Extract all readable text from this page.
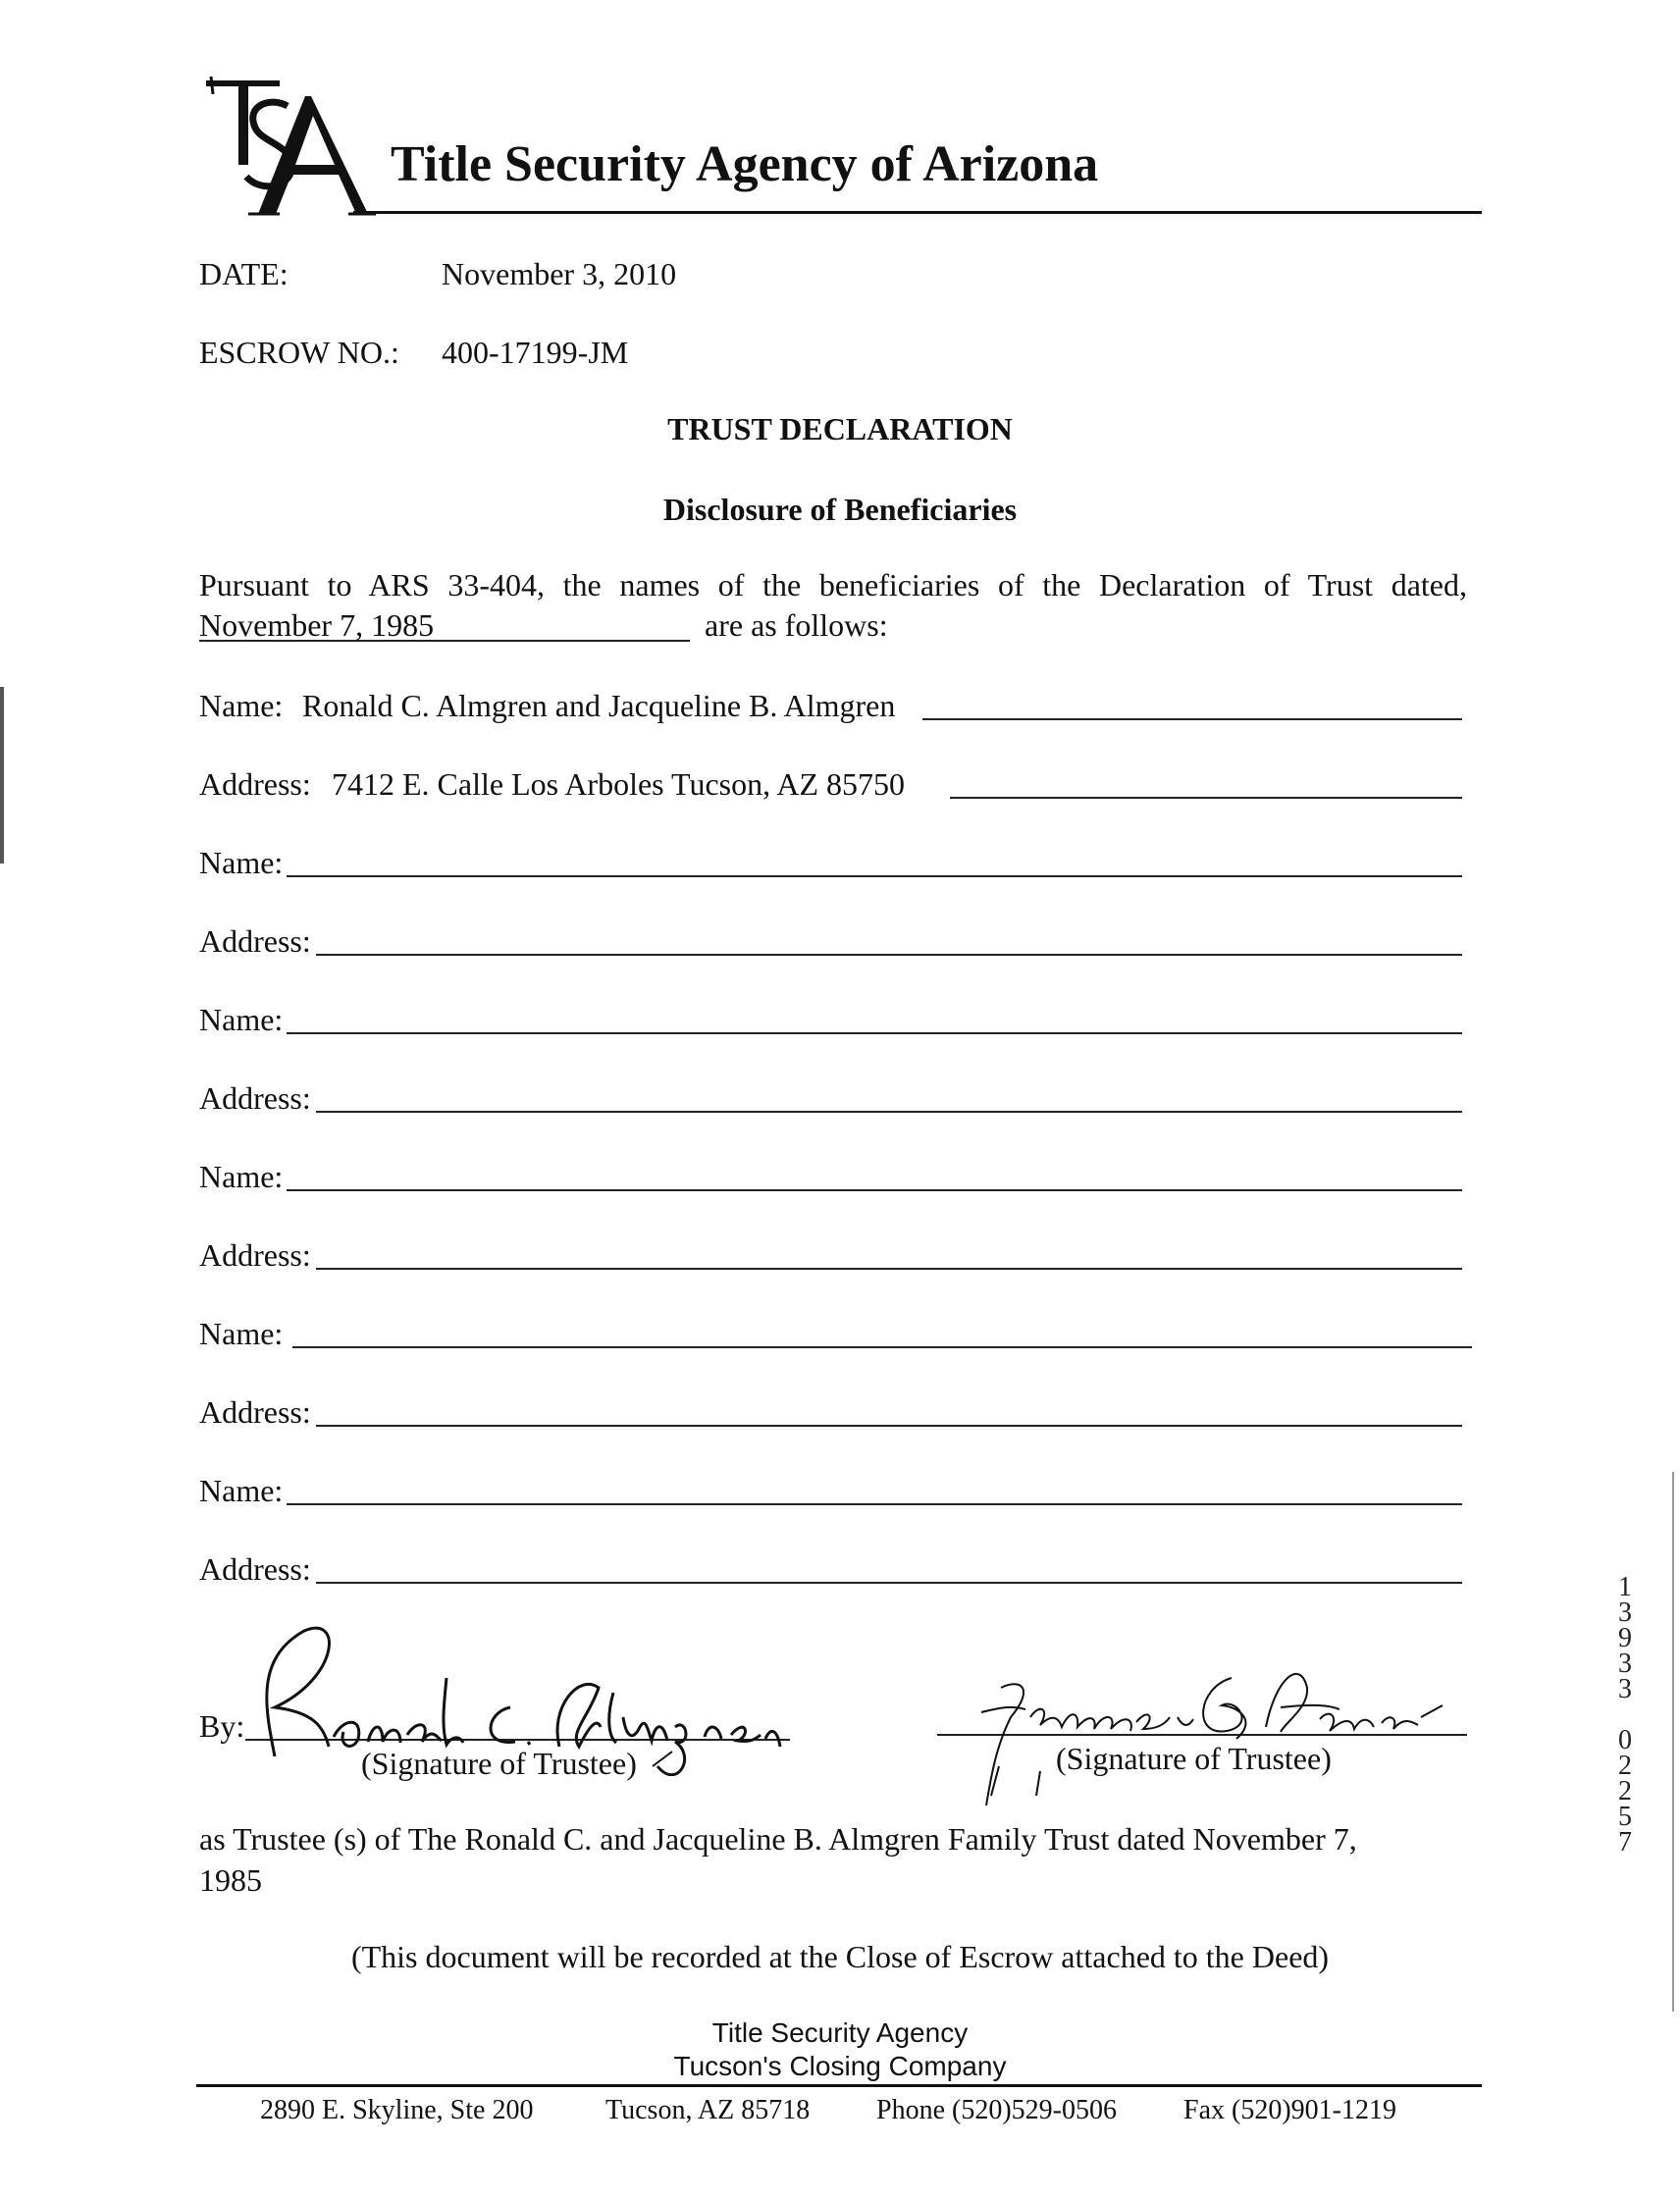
Title Security Agency of Arizona
DATE:	November 3, 2010
ESCROW NO.: 400-17199-JM
TRUST DECLARATION
Disclosure of Beneficiaries
Pursuant to ARS 33-404, the names of the beneficiaries of the Declaration of Trust dated,
November 7, 1985	are as follows:
Name: Ronald C. Almgren and Jacqueline B. Almgren
Address: 7412 E. Calle Los Arboles Tucson, AZ 85750
Name:
Address:
Name:
Address:
Name:
Address:
Name:
Address:
Name:
Address:
By:
(Signature of Trustee)	(Signature of Trustee)
as Trustee (s) of The Ronald C. and Jacqueline B. Almgren Family Trust dated November 7,
1985
(This document will be recorded at the Close of Escrow attached to the Deed)
Title Security Agency
Tucson's Closing Company
2890 E. Skyline, Ste 200	Tucson, AZ 85718 Phone (520)529-0506 Fax (520)901-1219
1
3
9
3
3
0
2
2
5
7
